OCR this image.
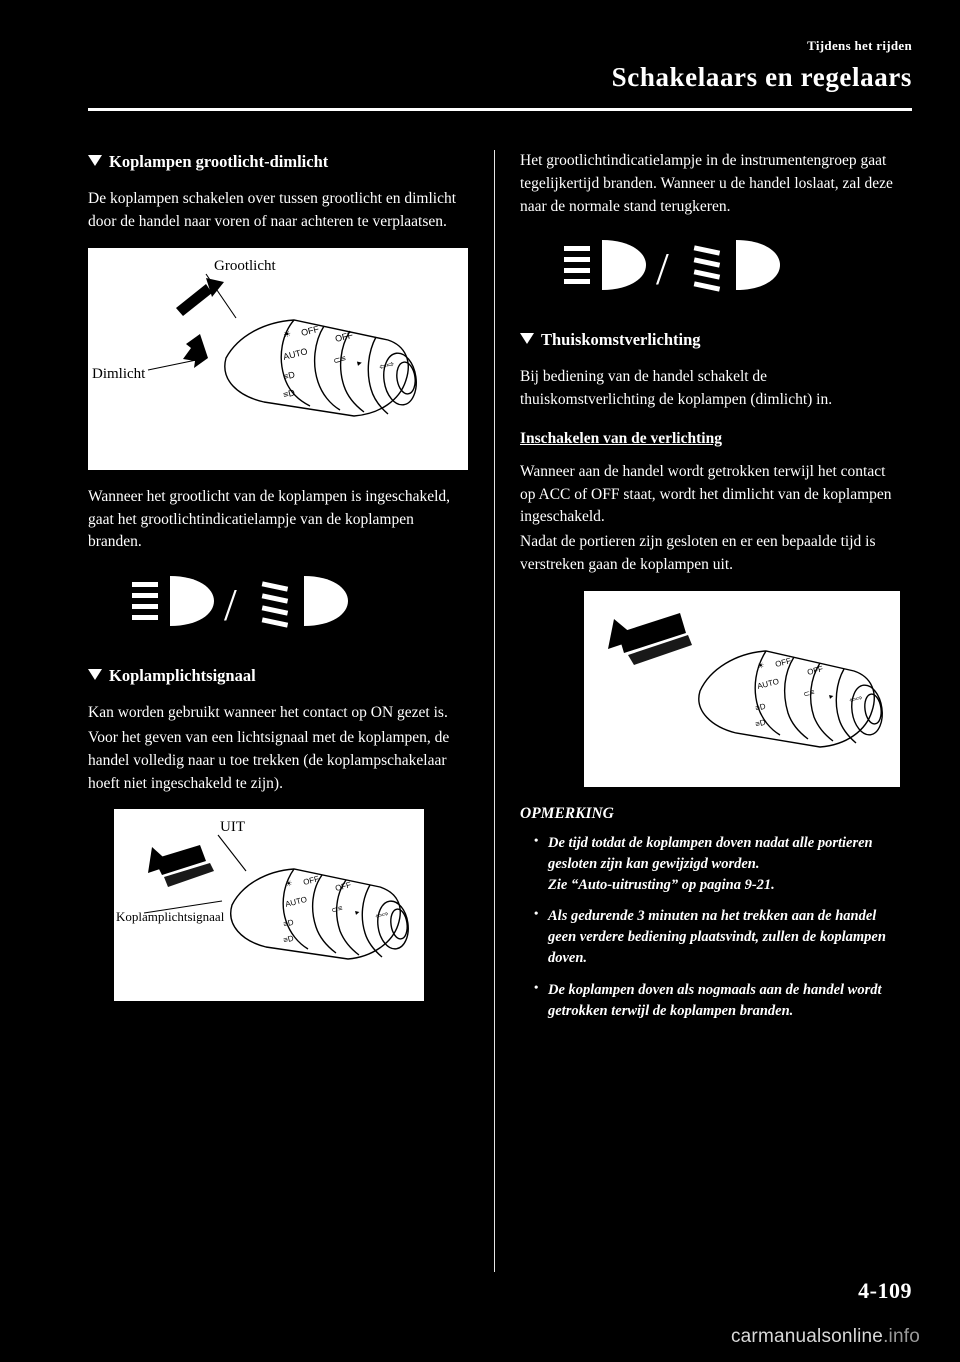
Tijdens het rijden
Schakelaars en regelaars
Koplampen grootlicht-dimlicht

De koplampen schakelen over tussen grootlicht en dimlicht door de handel naar voren of naar achteren te verplaatsen.

☀ OFF
AUTO
≡D
≡D
OFF
⊂≡ ▸ ⇦⇨
Grootlicht
Dimlicht

Wanneer het grootlicht van de koplampen is ingeschakeld, gaat het grootlichtindicatielampje van de koplampen branden.

/
Koplamplichtsignaal

Kan worden gebruikt wanneer het contact op ON gezet is.

Voor het geven van een lichtsignaal met de koplampen, de handel volledig naar u toe trekken (de koplampschakelaar hoeft niet ingeschakeld te zijn).

☀ OFF
AUTO
≡D
≡D
OFF
⊂≡ ▸ ⇦⇨
UIT
Koplamplichtsignaal

Het grootlichtindicatielampje in de instrumentengroep gaat tegelijkertijd branden. Wanneer u de handel loslaat, zal deze naar de normale stand terugkeren.

/
Thuiskomstverlichting

Bij bediening van de handel schakelt de thuiskomstverlichting de koplampen (dimlicht) in.

Inschakelen van de verlichting

Wanneer aan de handel wordt getrokken terwijl het contact op ACC of OFF staat, wordt het dimlicht van de koplampen ingeschakeld.

Nadat de portieren zijn gesloten en er een bepaalde tijd is verstreken gaan de koplampen uit.

☀ OFF
AUTO
≡D
≡D
OFF
⊂≡ ▸ ⇦⇨
OPMERKING
• De tijd totdat de koplampen doven nadat alle portieren gesloten zijn kan gewijzigd worden.
Zie “Auto-uitrusting” op pagina 9-21.
• Als gedurende 3 minuten na het trekken aan de handel geen verdere bediening plaatsvindt, zullen de koplampen doven.
• De koplampen doven als nogmaals aan de handel wordt getrokken terwijl de koplampen branden.
4-109
carmanualsonline.info
